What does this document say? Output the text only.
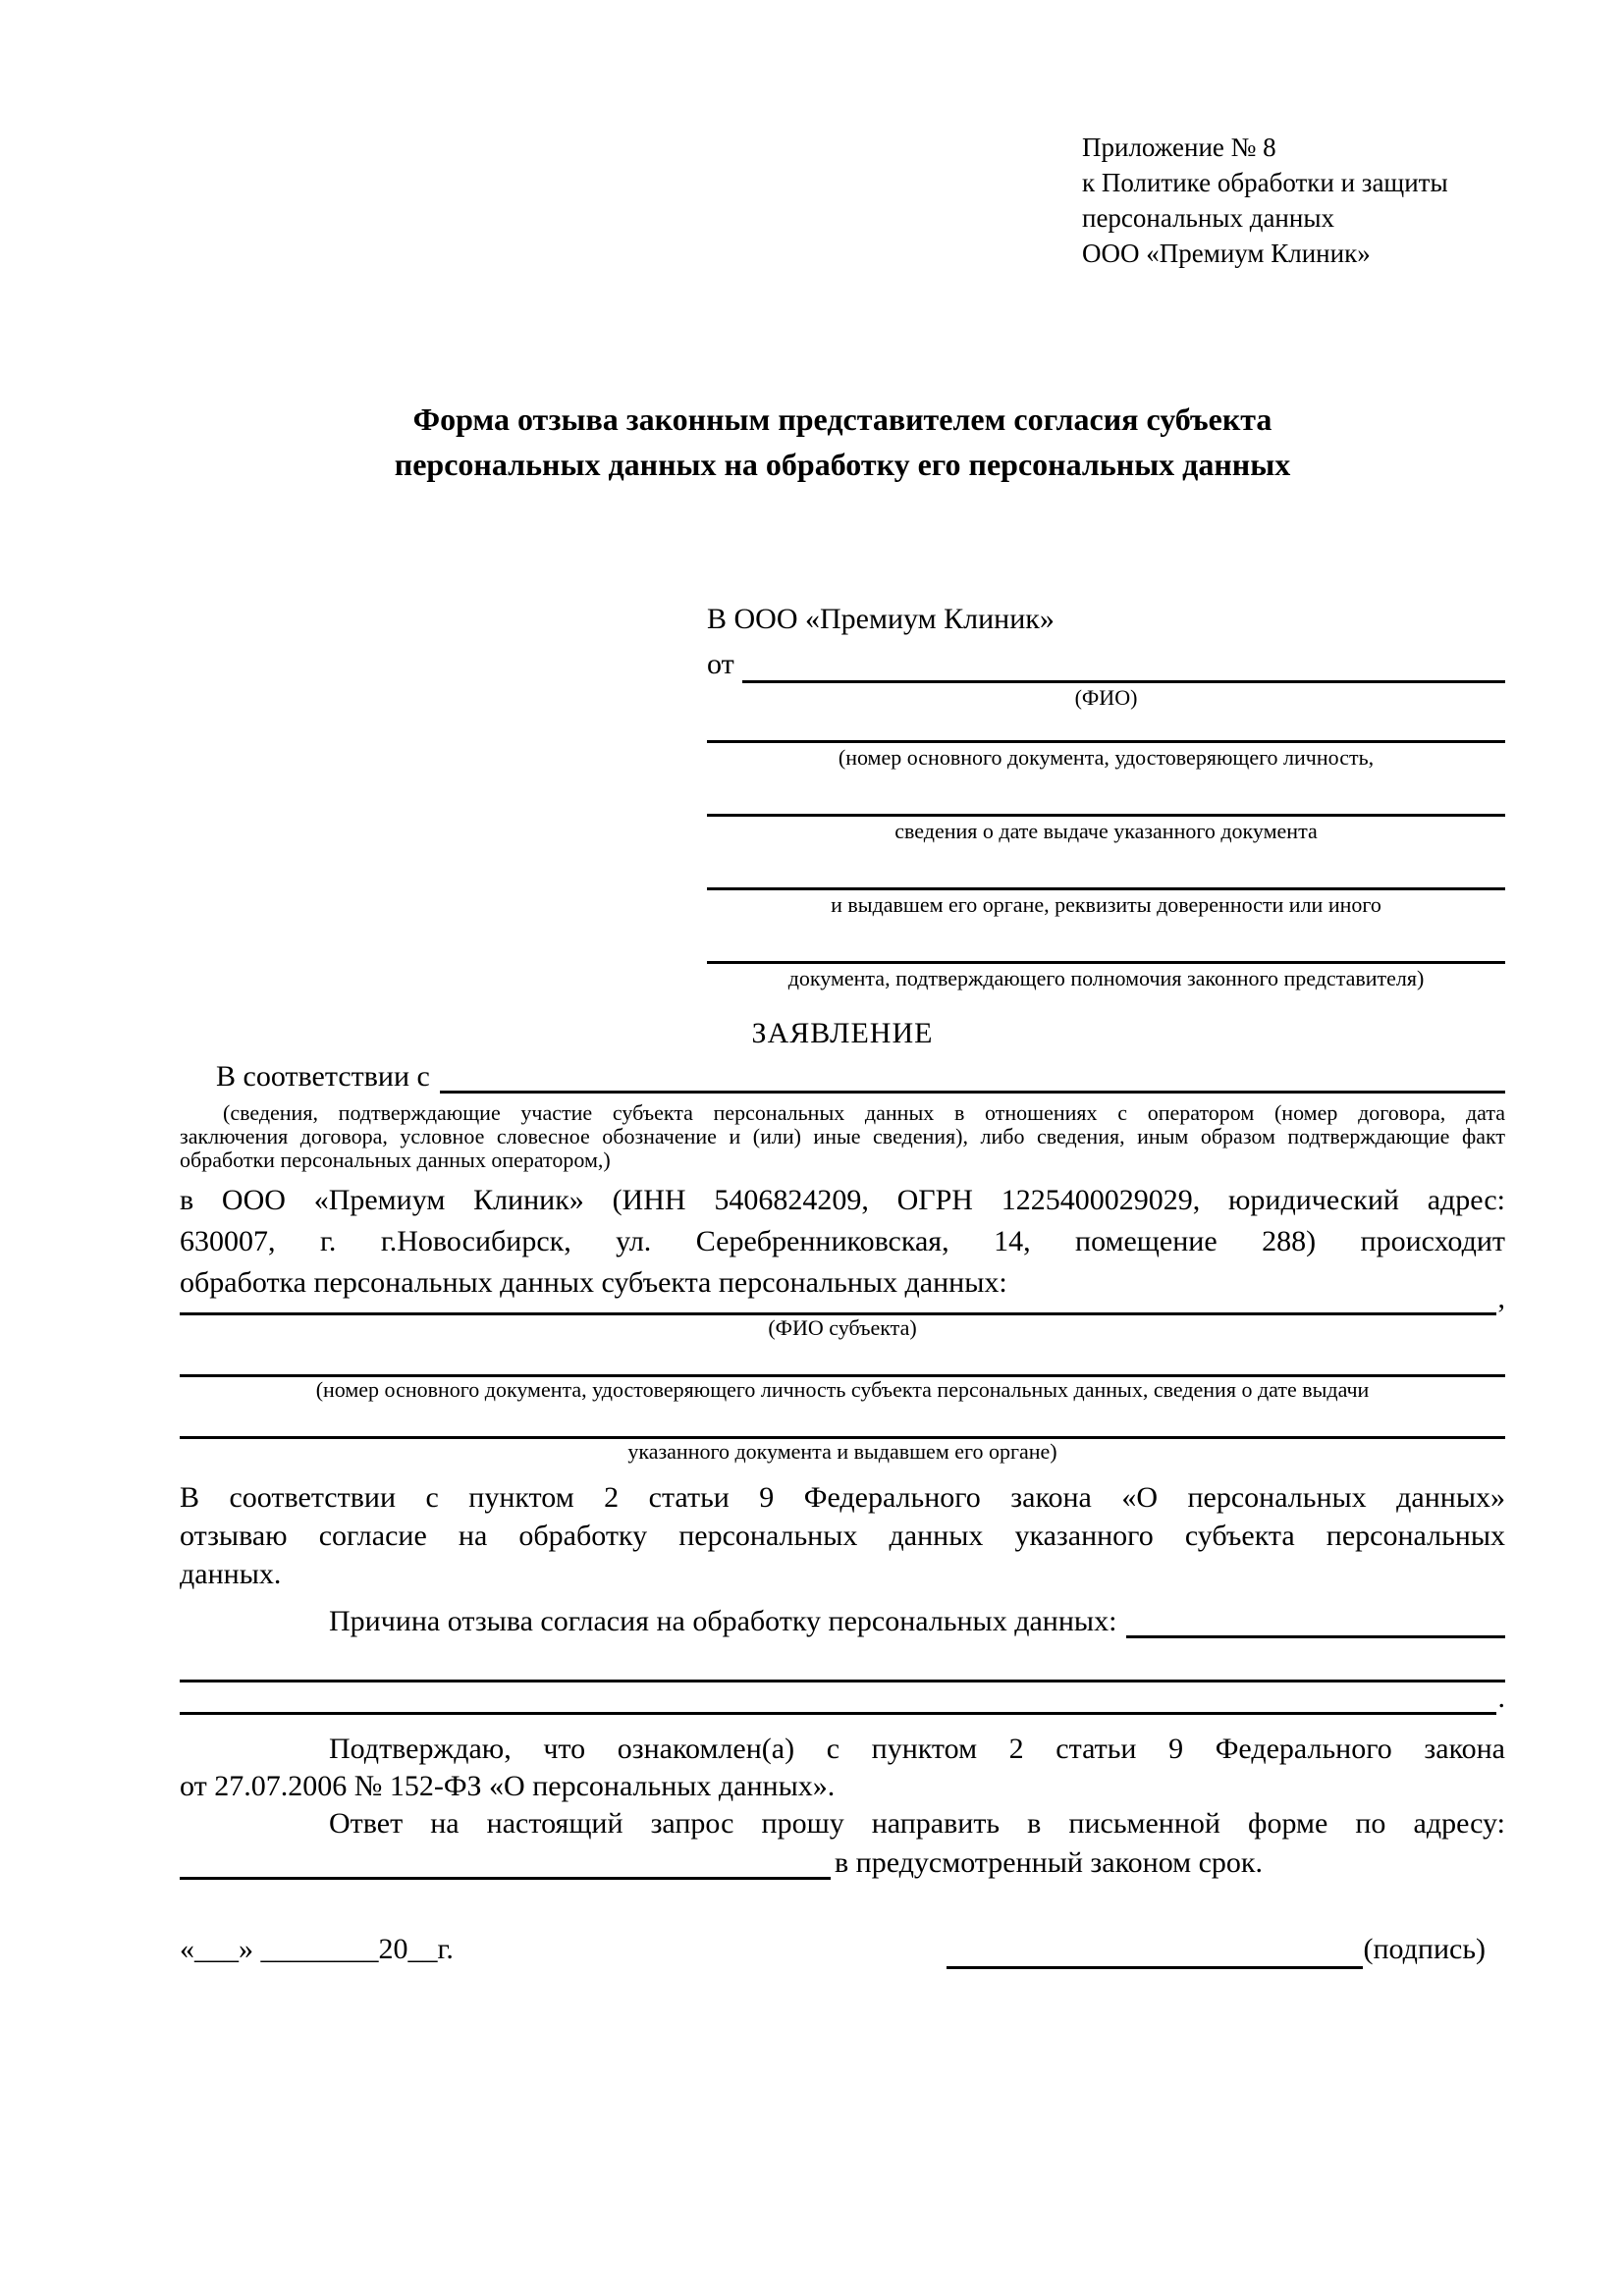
Приложение № 8
к Политике обработки и защиты
персональных данных
ООО «Премиум Клиник»
Форма отзыва законным представителем согласия субъекта
персональных данных на обработку его персональных данных
В ООО «Премиум Клиник»
от
(ФИО)
(номер основного документа, удостоверяющего личность,
сведения о дате выдаче указанного документа
и выдавшем его органе, реквизиты доверенности или иного
документа, подтверждающего полномочия законного представителя)
ЗАЯВЛЕНИЕ
В соответствии с
(сведения, подтверждающие участие субъекта персональных данных в отношениях с оператором (номер договора, дата
заключения договора, условное словесное обозначение и (или) иные сведения), либо сведения, иным образом подтверждающие факт
обработки персональных данных оператором,)
в ООО «Премиум Клиник» (ИНН 5406824209, ОГРН 1225400029029, юридический адрес:
630007, г. г.Новосибирск, ул. Серебренниковская, 14, помещение 288) происходит
обработка персональных данных субъекта персональных данных:	,
(ФИО субъекта)
(номер основного документа, удостоверяющего личность субъекта персональных данных, сведения о дате выдачи
указанного документа и выдавшем его органе)
В соответствии с пунктом 2 статьи 9 Федерального закона «О персональных данных»
отзываю согласие на обработку персональных данных указанного субъекта персональных
данных.
Причина отзыва согласия на обработку персональных данных:
.
Подтверждаю, что ознакомлен(а) с пунктом 2 статьи 9 Федерального закона
от 27.07.2006 № 152-ФЗ «О персональных данных».
Ответ на настоящий запрос прошу направить в письменной форме по адресу:
в предусмотренный законом срок.
«___» ________20__г.	(подпись)
